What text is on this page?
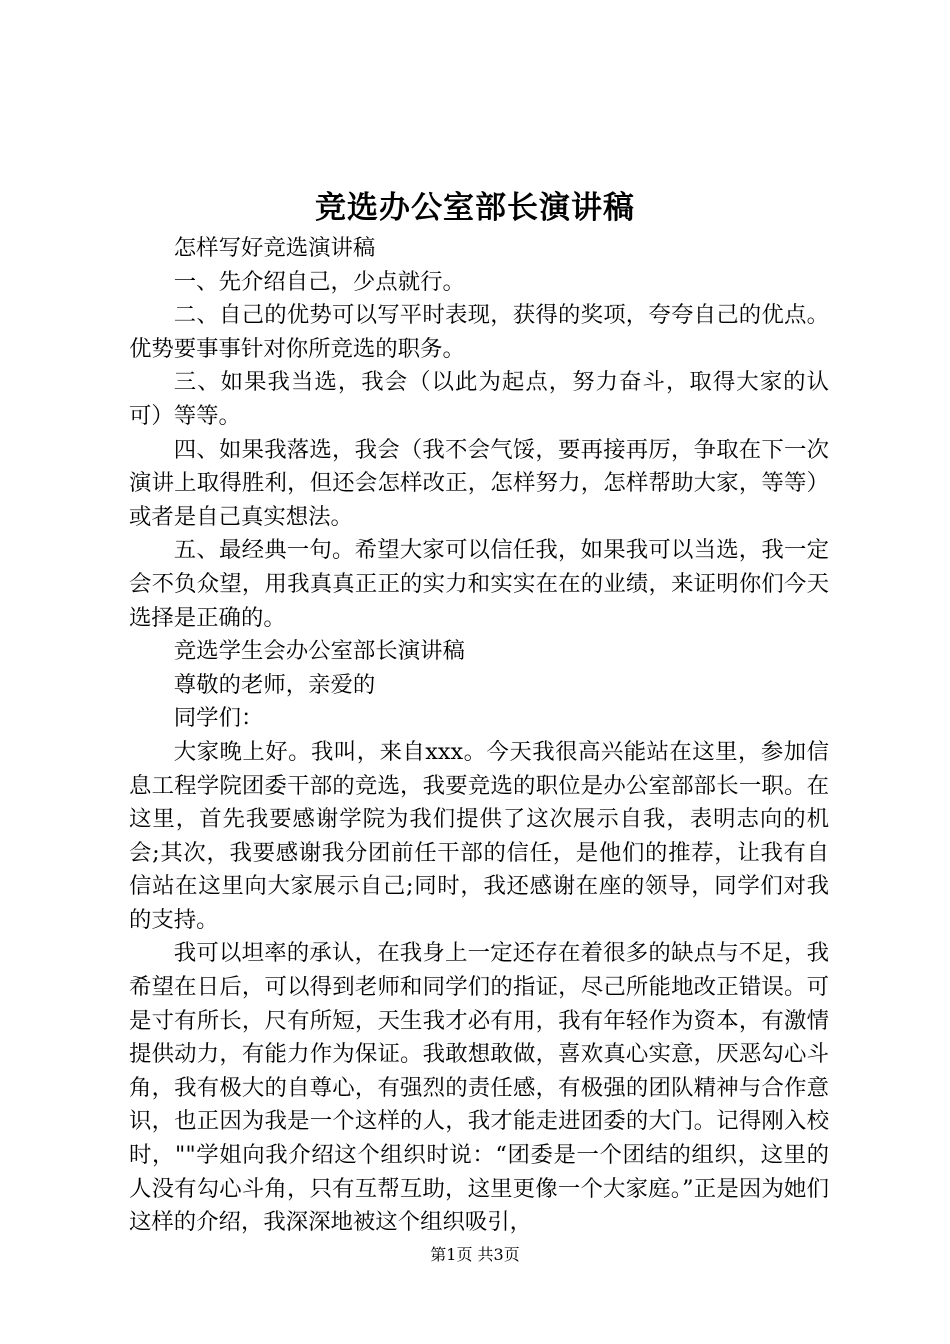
竞选办公室部长演讲稿

怎样写好竞选演讲稿

一、先介绍自己，少点就行。

二、自己的优势可以写平时表现，获得的奖项，夸夸自己的优点。优势要事事针对你所竞选的职务。

三、如果我当选，我会（以此为起点，努力奋斗，取得大家的认可）等等。

四、如果我落选，我会（我不会气馁，要再接再厉，争取在下一次演讲上取得胜利，但还会怎样改正，怎样努力，怎样帮助大家，等等）或者是自己真实想法。

五、最经典一句。希望大家可以信任我，如果我可以当选，我一定会不负众望，用我真真正正的实力和实实在在的业绩，来证明你们今天选择是正确的。

竞选学生会办公室部长演讲稿

尊敬的老师，亲爱的

同学们：

大家晚上好。我叫，来自xxx。今天我很高兴能站在这里，参加信息工程学院团委干部的竞选，我要竞选的职位是办公室部部长一职。在这里，首先我要感谢学院为我们提供了这次展示自我，表明志向的机会;其次，我要感谢我分团前任干部的信任，是他们的推荐，让我有自信站在这里向大家展示自己;同时，我还感谢在座的领导，同学们对我的支持。

我可以坦率的承认，在我身上一定还存在着很多的缺点与不足，我希望在日后，可以得到老师和同学们的指证，尽己所能地改正错误。可是寸有所长，尺有所短，天生我才必有用，我有年轻作为资本，有激情提供动力，有能力作为保证。我敢想敢做，喜欢真心实意，厌恶勾心斗角，我有极大的自尊心，有强烈的责任感，有极强的团队精神与合作意识，也正因为我是一个这样的人，我才能走进团委的大门。记得刚入校时，""学姐向我介绍这个组织时说：“团委是一个团结的组织，这里的人没有勾心斗角，只有互帮互助，这里更像一个大家庭。”正是因为她们这样的介绍，我深深地被这个组织吸引，

第1页 共3页
